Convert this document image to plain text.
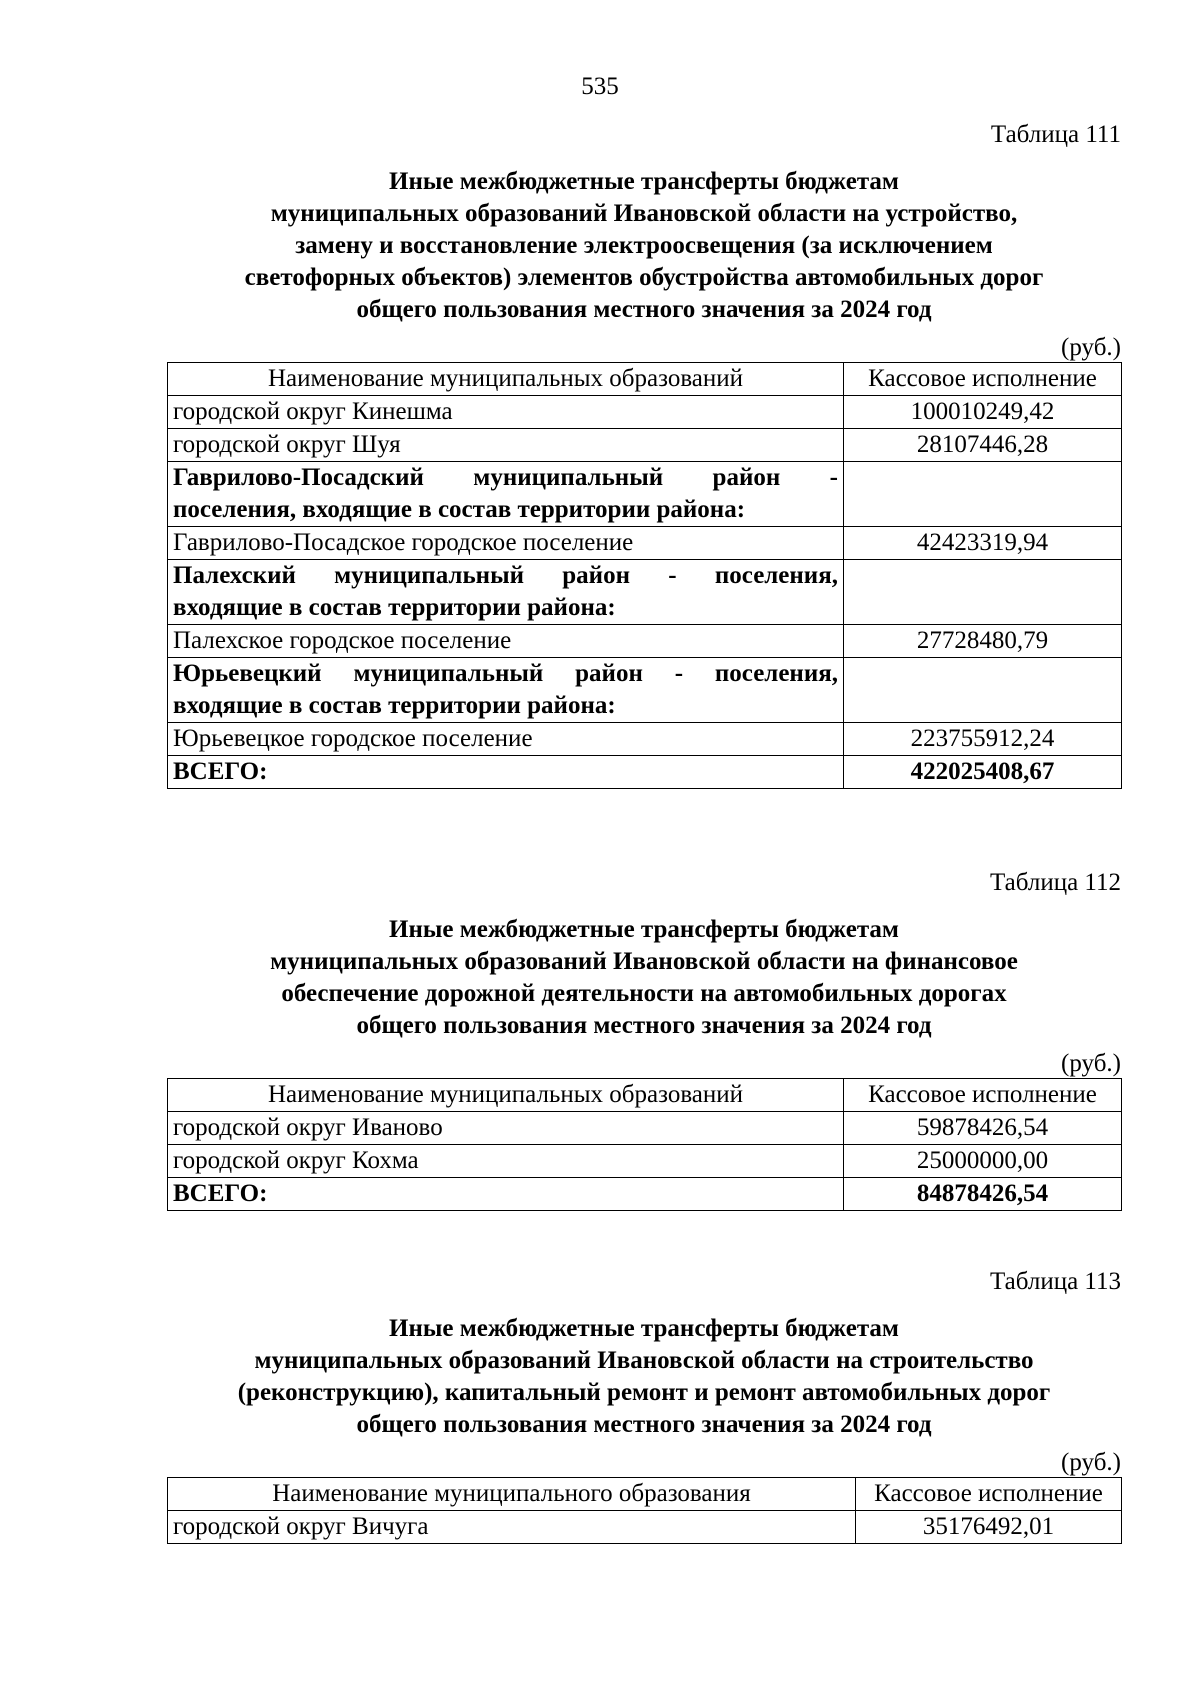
535
Таблица 111
Иные межбюджетные трансферты бюджетам
муниципальных образований Ивановской области на устройство,
замену и восстановление электроосвещения (за исключением
светофорных объектов) элементов обустройства автомобильных дорог
общего пользования местного значения за 2024 год
(руб.)
Наименование муниципальных образований	Кассовое исполнение
городской округ Кинешма	100010249,42
городской округ Шуя	28107446,28

Гаврилово-Посадский муниципальный район -
поселения, входящие в состав территории района:	

Гаврилово-Посадское городское поселение	42423319,94

Палехский муниципальный район - поселения,
входящие в состав территории района:	

Палехское городское поселение	27728480,79

Юрьевецкий муниципальный район - поселения,
входящие в состав территории района:	

Юрьевецкое городское поселение	223755912,24
ВСЕГО:	422025408,67
Таблица 112
Иные межбюджетные трансферты бюджетам
муниципальных образований Ивановской области на финансовое
обеспечение дорожной деятельности на автомобильных дорогах
общего пользования местного значения за 2024 год
(руб.)
Наименование муниципальных образований	Кассовое исполнение
городской округ Иваново	59878426,54
городской округ Кохма	25000000,00
ВСЕГО:	84878426,54
Таблица 113
Иные межбюджетные трансферты бюджетам
муниципальных образований Ивановской области на строительство
(реконструкцию), капитальный ремонт и ремонт автомобильных дорог
общего пользования местного значения за 2024 год
(руб.)
Наименование муниципального образования	Кассовое исполнение
городской округ Вичуга	35176492,01
